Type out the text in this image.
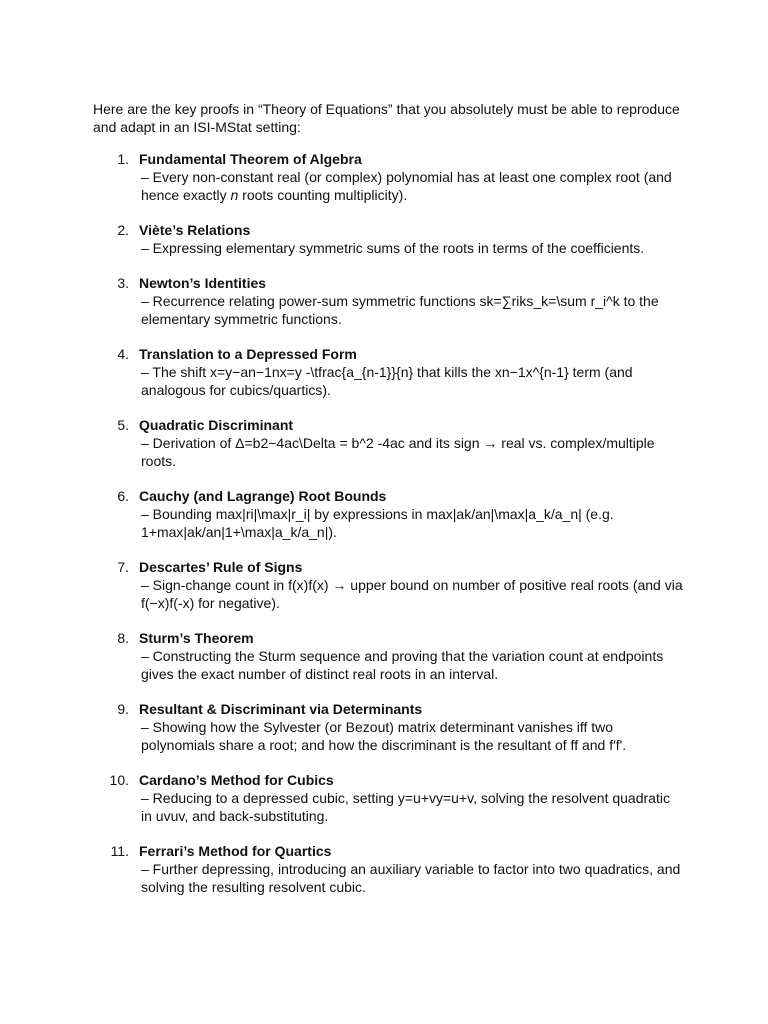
Here are the key proofs in “Theory of Equations” that you absolutely must be able to reproduce and adapt in an ISI-MStat setting:

1. Fundamental Theorem of Algebra
– Every non-constant real (or complex) polynomial has at least one complex root (and hence exactly n roots counting multiplicity).
2. Viète’s Relations
– Expressing elementary symmetric sums of the roots in terms of the coefficients.
3. Newton’s Identities
– Recurrence relating power‑sum symmetric functions sk=∑riks_k=\sum r_i^k to the elementary symmetric functions.
4. Translation to a Depressed Form
– The shift x=y−an−1nx=y -\tfrac{a_{n-1}}{n} that kills the xn−1x^{n-1} term (and analogous for cubics/quartics).
5. Quadratic Discriminant
– Derivation of Δ=b2−4ac\Delta = b^2 -4ac and its sign → real vs. complex/multiple roots.
6. Cauchy (and Lagrange) Root Bounds
– Bounding max|ri|\max|r_i| by expressions in max|ak/an|\max|a_k/a_n| (e.g. 1+max|ak/an|1+\max|a_k/a_n|).
7. Descartes’ Rule of Signs
– Sign-change count in f(x)f(x) → upper bound on number of positive real roots (and via f(−x)f(-x) for negative).
8. Sturm’s Theorem
– Constructing the Sturm sequence and proving that the variation count at endpoints gives the exact number of distinct real roots in an interval.
9. Resultant & Discriminant via Determinants
– Showing how the Sylvester (or Bezout) matrix determinant vanishes iff two polynomials share a root; and how the discriminant is the resultant of ff and f′f'.
10. Cardano’s Method for Cubics
– Reducing to a depressed cubic, setting y=u+vy=u+v, solving the resolvent quadratic in uvuv, and back-substituting.
11. Ferrari’s Method for Quartics
– Further depressing, introducing an auxiliary variable to factor into two quadratics, and solving the resulting resolvent cubic.
